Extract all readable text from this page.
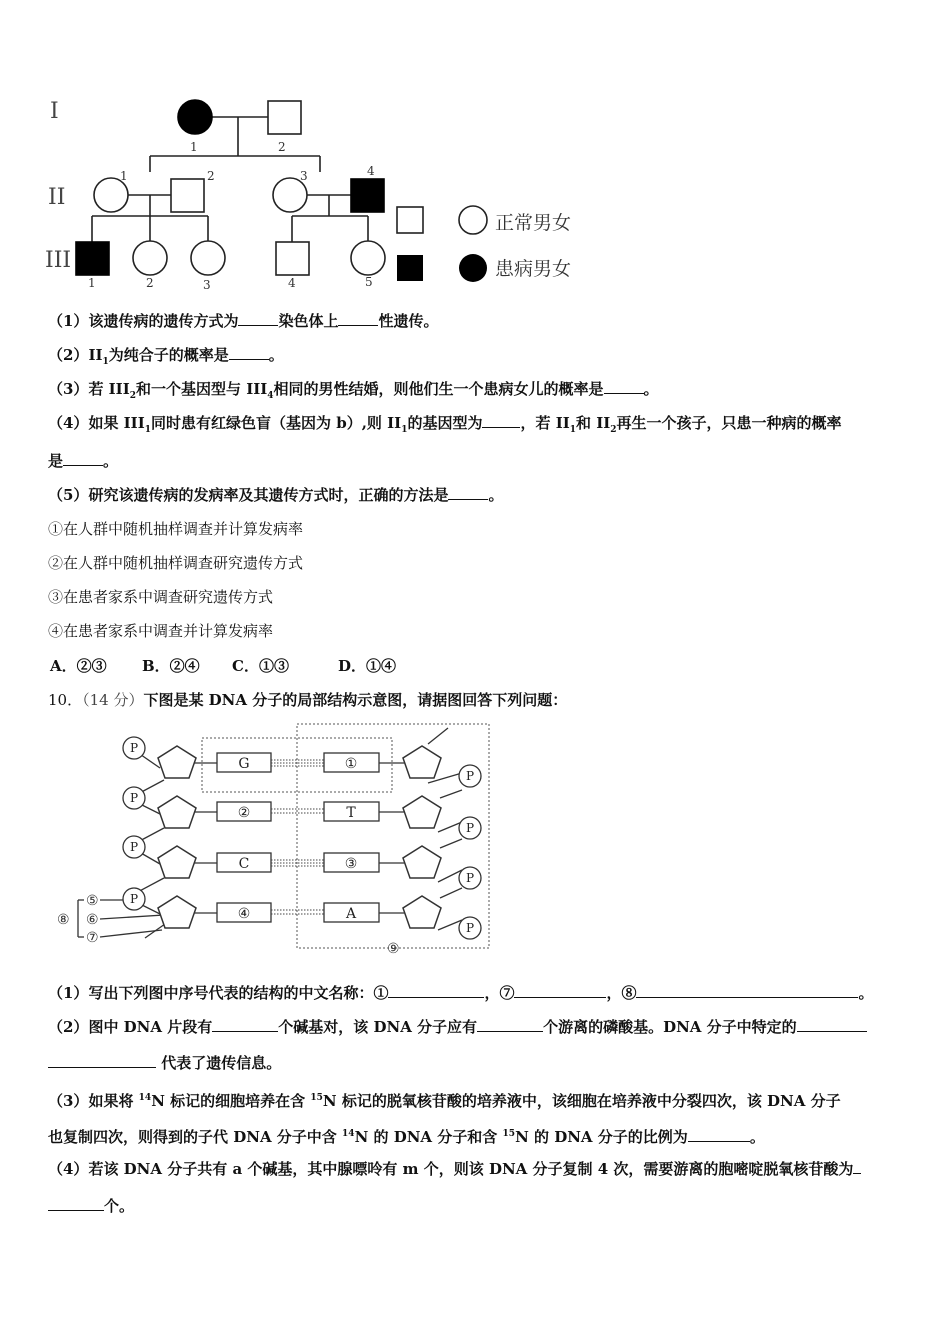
I
II
III
1	2
1	2	3	4
1	2	3	4	5
正常男女
患病男女
（1）该遗传病的遗传方式为	染色体上	性遗传。
$(2)II_1$为纯合子的概率是	。
（3）若 $III_2$和一个基因型与 $III_4$相同的男性结婚，则他们生一个患病女儿的概率是	。
（4）如果 $III_1$同时患有红绿色盲（基因为 b）,则 $II_1$的基因型为	，若 $II_1$和 $II_2$再生一个孩子，只患一种病的概率
是	。
（5）研究该遗传病的发病率及其遗传方式时，正确的方法是	。
①在人群中随机抽样调查并计算发病率
②在人群中随机抽样调查研究遗传方式
③在患者家系中调查研究遗传方式
④在患者家系中调查并计算发病率
A．②③ B．②④ C．①③	D．①④
10．（14 分）下图是某 DNA 分子的局部结构示意图，请据图回答下列问题：
G
②
C
④
①
T
③
A
P
P
P
P
P
P
P
P
⑤
⑥
⑦
⑧
⑨
（1）写出下列图中序号代表的结构的中文名称：①	，⑦	，⑧	。
（2）图中 DNA 片段有	个碱基对，该 DNA 分子应有	个游离的磷酸基。DNA 分子中特定的
代表了遗传信息。
（3）如果将 $^{14}$N 标记的细胞培养在含 $^{15}$N 标记的脱氧核苷酸的培养液中，该细胞在培养液中分裂四次，该 DNA 分子
也复制四次，则得到的子代 DNA 分子中含 $^{14}$N 的 DNA 分子和含 $^{15}$N 的 DNA 分子的比例为	。
（4）若该 DNA 分子共有 a 个碱基，其中腺嘌呤有 m 个，则该 DNA 分子复制 4 次，需要游离的胞嘧啶脱氧核苷酸为
个。
